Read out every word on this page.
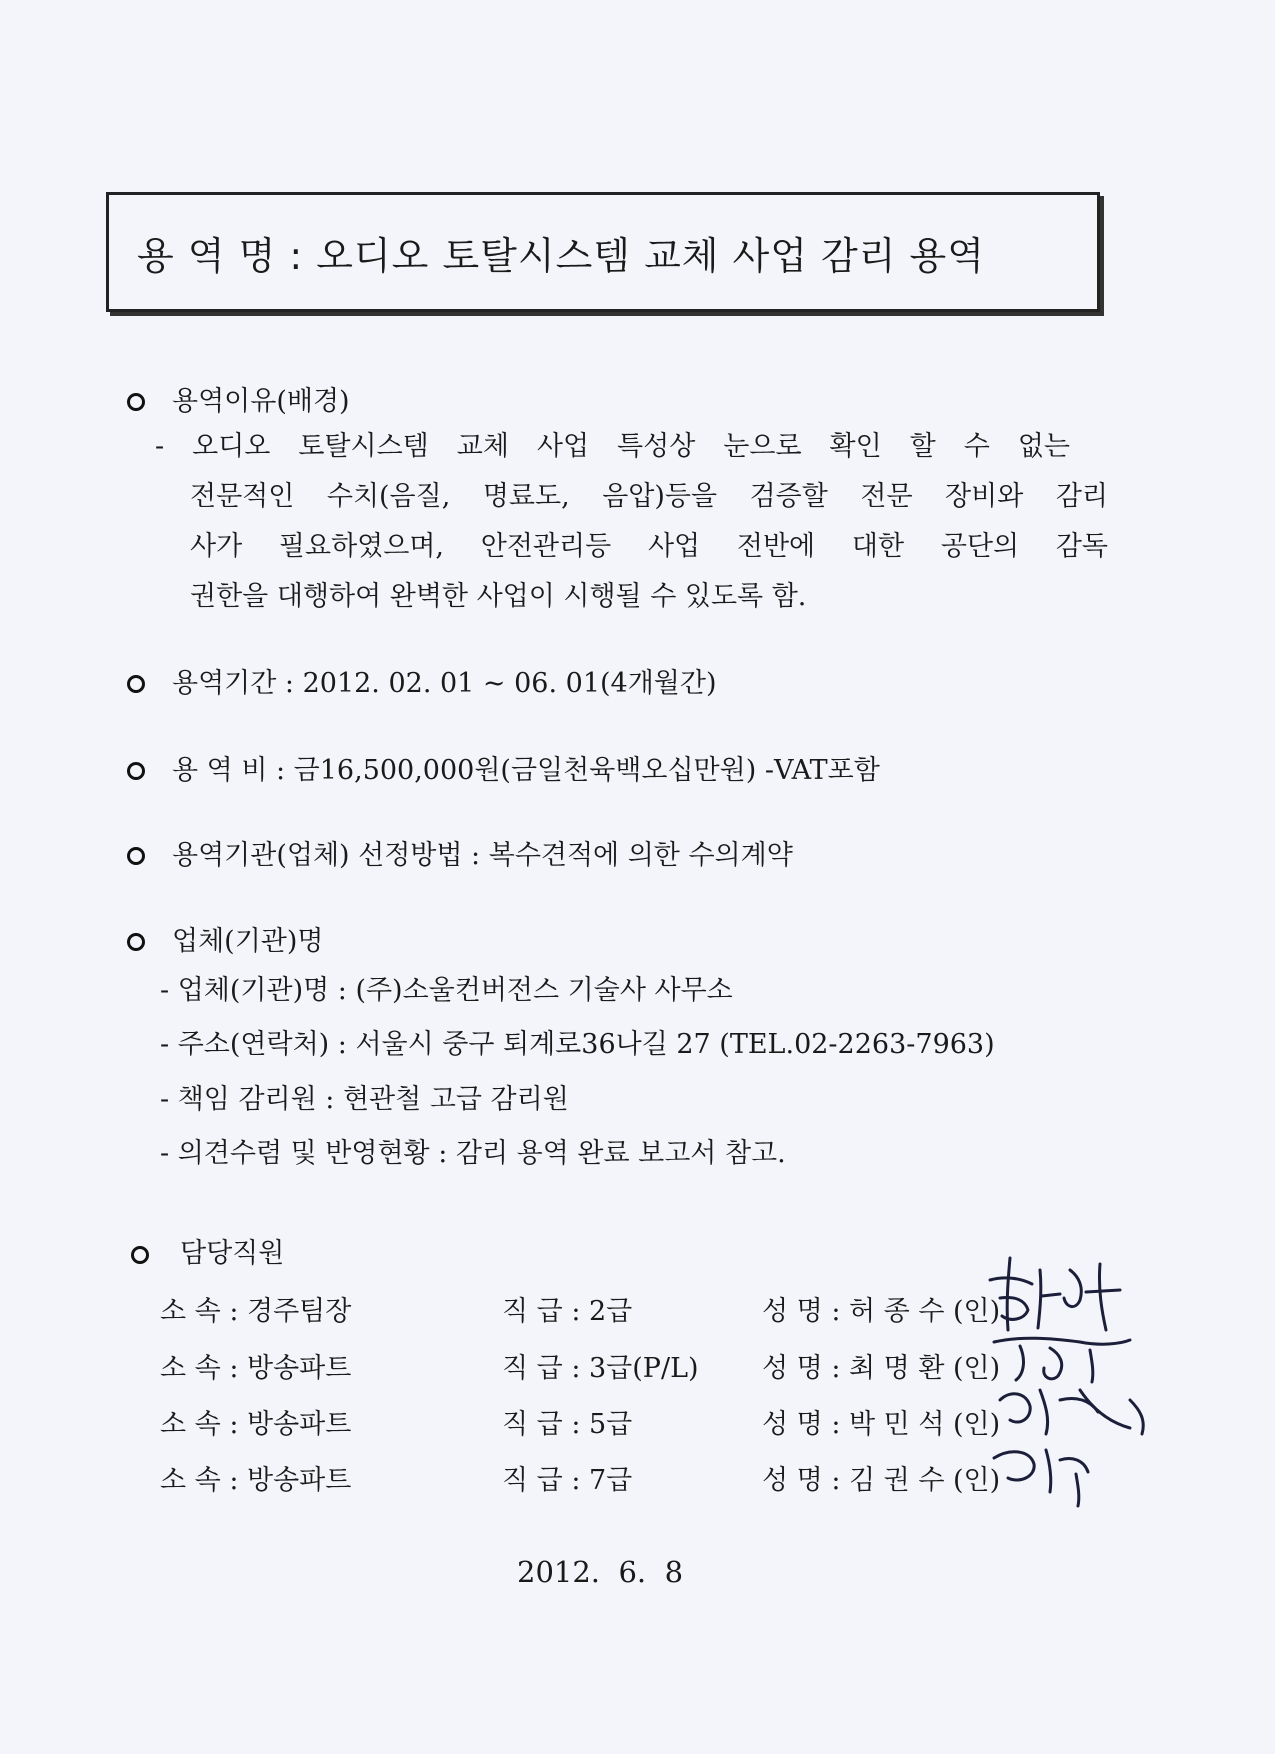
용 역 명 : 오디오 토탈시스템 교체 사업 감리 용역
용역이유(배경)
- 오디오 토탈시스템 교체 사업 특성상 눈으로 확인 할 수 없는
전문적인 수치(음질, 명료도, 음압)등을 검증할 전문 장비와 감리
사가 필요하였으며, 안전관리등 사업 전반에 대한 공단의 감독
권한을 대행하여 완벽한 사업이 시행될 수 있도록 함.
용역기간 : 2012. 02. 01 ~ 06. 01(4개월간)
용 역 비 : 금16,500,000원(금일천육백오십만원) -VAT포함
용역기관(업체) 선정방법 : 복수견적에 의한 수의계약
업체(기관)명
- 업체(기관)명 : (주)소울컨버전스 기술사 사무소
- 주소(연락처) : 서울시 중구 퇴계로36나길 27 (TEL.02-2263-7963)
- 책임 감리원 : 현관철 고급 감리원
- 의견수렴 및 반영현황 : 감리 용역 완료 보고서 참고.
담당직원
소 속 : 경주팀장	직 급 : 2급	성 명 : 허 종 수 (인)
소 속 : 방송파트	직 급 : 3급(P/L) 성 명 : 최 명 환 (인)
소 속 : 방송파트	직 급 : 5급	성 명 : 박 민 석 (인)
소 속 : 방송파트	직 급 : 7급	성 명 : 김 권 수 (인)
2012.  6.  8
